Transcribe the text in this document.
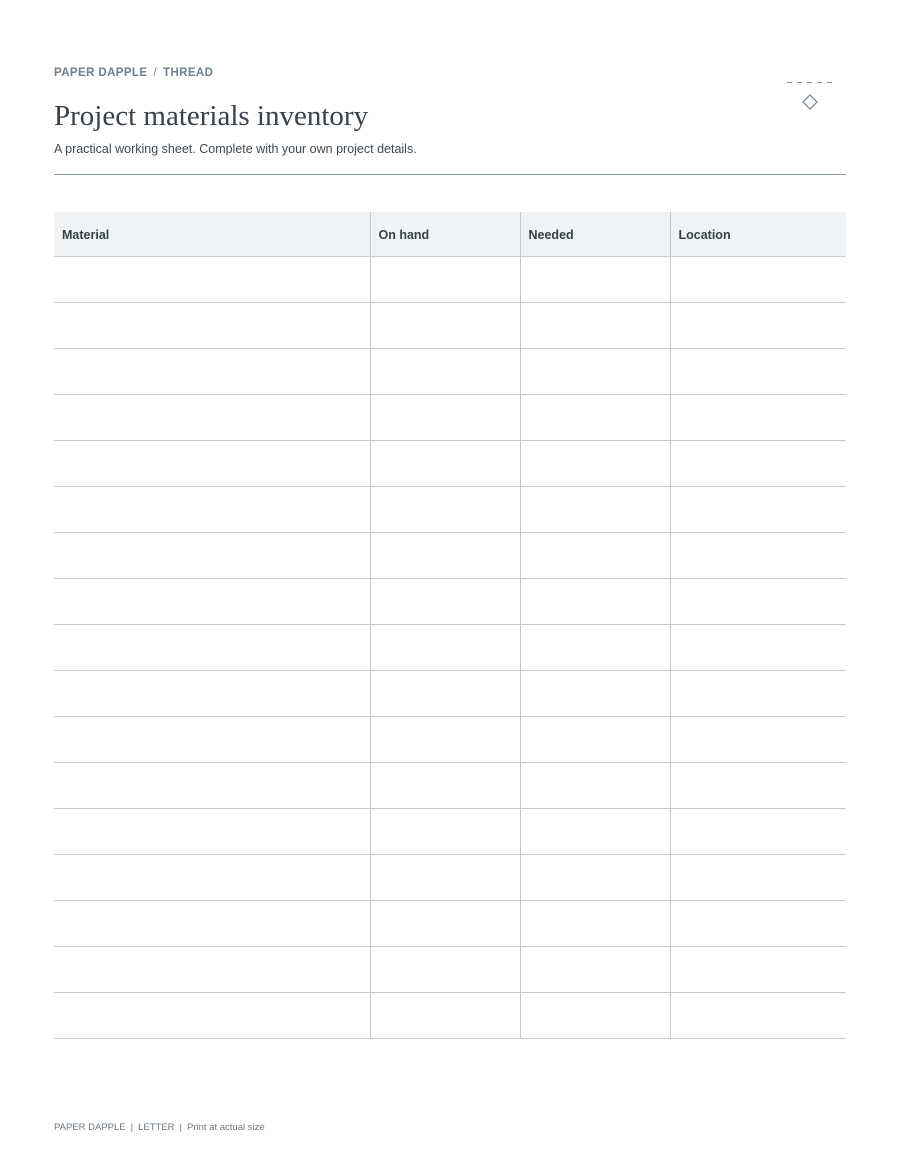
PAPER DAPPLE / THREAD
Project materials inventory
A practical working sheet. Complete with your own project details.
Material	On hand	Needed	Location

PAPER DAPPLE | LETTER | Print at actual size
